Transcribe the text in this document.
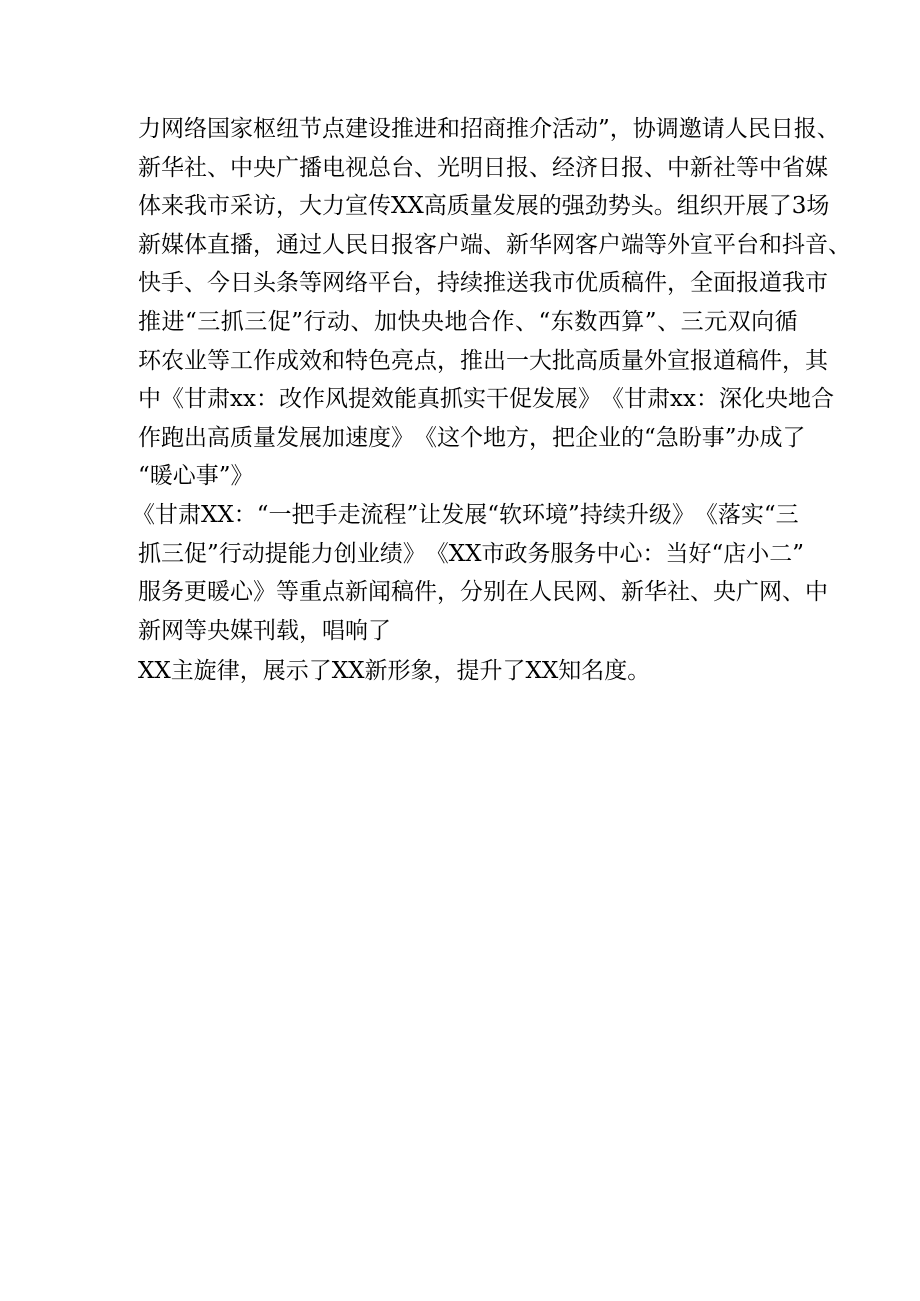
力 网 络 国 家 枢 纽 节 点 建 设 推 进 和 招 商 推 介 活 动 ” ， 协 调 邀 请 人 民 日 报 、
新 华 社 、 中 央 广 播 电 视 总 台 、 光 明 日 报 、 经 济 日 报 、 中 新 社 等 中 省 媒
体 来 我 市 采 访 ， 大 力 宣 传 X X 高 质 量 发 展 的 强 劲 势 头 。 组 织 开 展 了 3 场
新 媒 体 直 播 ， 通 过 人 民 日 报 客 户 端 、 新 华 网 客 户 端 等 外 宣 平 台 和 抖 音 、
快 手 、 今 日 头 条 等 网 络 平 台 ， 持 续 推 送 我 市 优 质 稿 件 ， 全 面 报 道 我 市
推 进 “ 三 抓 三 促 ” 行 动 、 加 快 央 地 合 作 、 “ 东 数 西 算 ” 、 三 元 双 向 循
环 农 业 等 工 作 成 效 和 特 色 亮 点 ， 推 出 一 大 批 高 质 量 外 宣 报 道 稿 件 ， 其
中 《 甘 肃 x x ： 改 作 风 提 效 能 真 抓 实 干 促 发 展 》 《 甘 肃 x x ： 深 化 央 地 合
作 跑 出 高 质 量 发 展 加 速 度 》 《 这 个 地 方 ， 把 企 业 的 “ 急 盼 事 ” 办 成 了
“暖心事”》
《 甘 肃 X X ： “ 一 把 手 走 流 程 ” 让 发 展 “ 软 环 境 ” 持 续 升 级 》 《 落 实 “ 三
抓 三 促 ” 行 动 提 能 力 创 业 绩 》 《 X X 市 政 务 服 务 中 心 ： 当 好 “ 店 小 二 ”
服 务 更 暖 心 》 等 重 点 新 闻 稿 件 ， 分 别 在 人 民 网 、 新 华 社 、 央 广 网 、 中
新网等央媒刊载，唱响了
XX主旋律，展示了XX新形象，提升了XX知名度。
